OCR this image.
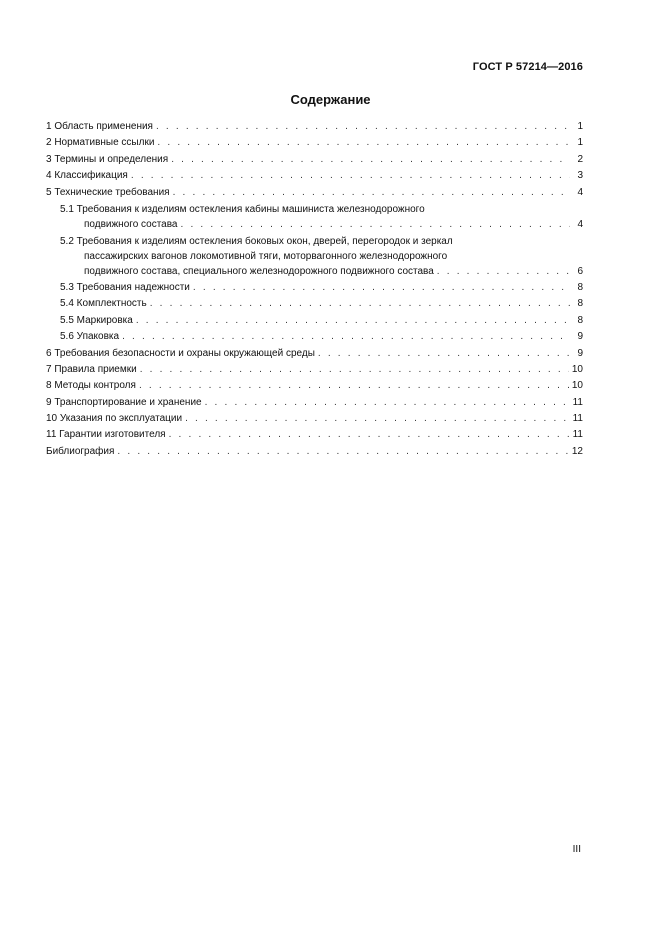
ГОСТ Р 57214—2016
Содержание
1 Область применения . . .	1
2 Нормативные ссылки . . .	1
3 Термины и определения . . .	2
4 Классификация . . .	3
5 Технические требования . . .	4
5.1 Требования к изделиям остекления кабины машиниста железнодорожного
подвижного состава . . .	4
5.2 Требования к изделиям остекления боковых окон, дверей, перегородок и зеркал
пассажирских вагонов локомотивной тяги, моторвагонного железнодорожного
подвижного состава, специального железнодорожного подвижного состава . . .	6
5.3 Требования надежности . . .	8
5.4 Комплектность . . .	8
5.5 Маркировка . . .	8
5.6 Упаковка . . .	9
6 Требования безопасности и охраны окружающей среды . . .	9
7 Правила приемки . . .	10
8 Методы контроля . . .	10
9 Транспортирование и хранение . . .	11
10 Указания по эксплуатации . . .	11
11 Гарантии изготовителя . . .	11
Библиография . . .	12
III
